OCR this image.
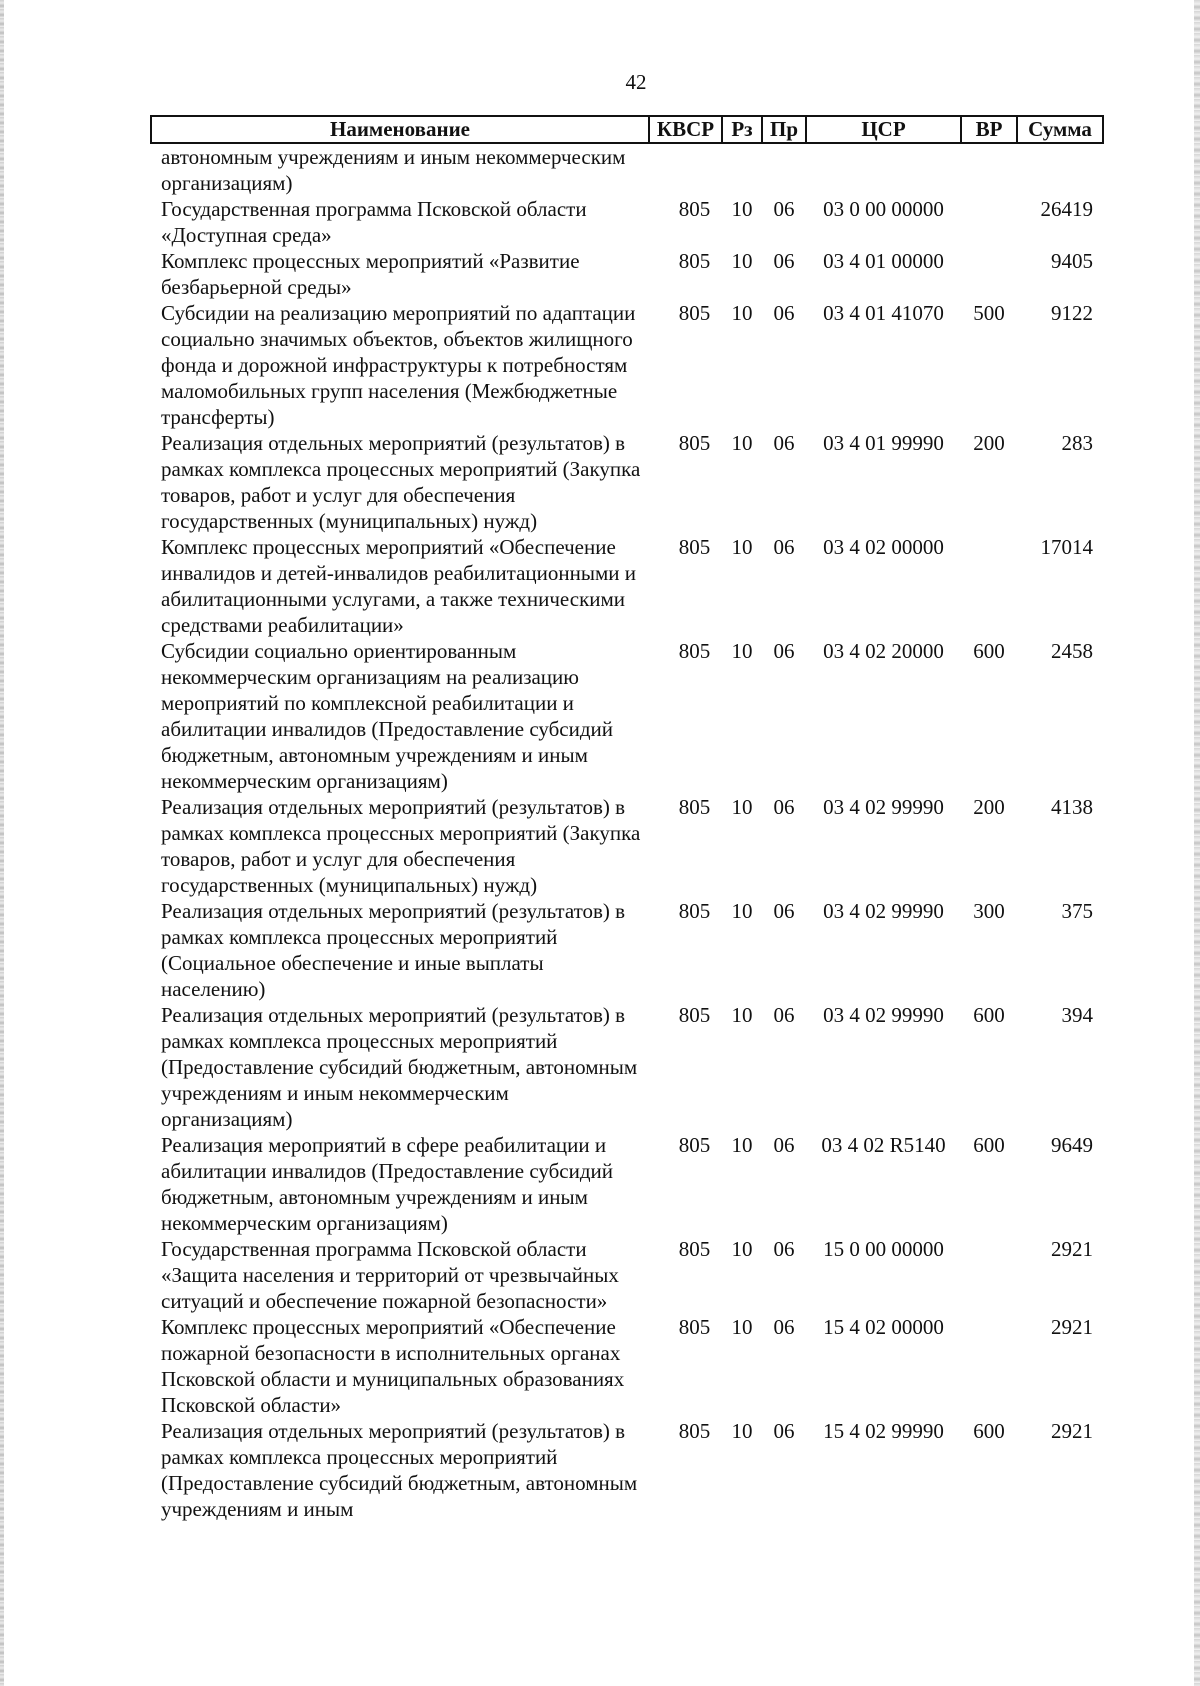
42
Наименование	КВСР	Рз	Пр	ЦСР	ВР	Сумма
автономным учреждениям и иным некоммерческим организациям)						
Государственная программа Псковской области «Доступная среда»	805	10	06	03 0 00 00000		26419
Комплекс процессных мероприятий «Развитие безбарьерной среды»	805	10	06	03 4 01 00000		9405
Субсидии на реализацию мероприятий по адаптации социально значимых объектов, объектов жилищного фонда и дорожной инфраструктуры к потребностям маломобильных групп населения (Межбюджетные трансферты)	805	10	06	03 4 01 41070	500	9122
Реализация отдельных мероприятий (результатов) в рамках комплекса процессных мероприятий (Закупка товаров, работ и услуг для обеспечения государственных (муниципальных) нужд)	805	10	06	03 4 01 99990	200	283
Комплекс процессных мероприятий «Обеспечение инвалидов и детей-инвалидов реабилитационными и абилитационными услугами, а также техническими средствами реабилитации»	805	10	06	03 4 02 00000		17014
Субсидии социально ориентированным некоммерческим организациям на реализацию мероприятий по комплексной реабилитации и абилитации инвалидов (Предоставление субсидий бюджетным, автономным учреждениям и иным некоммерческим организациям)	805	10	06	03 4 02 20000	600	2458
Реализация отдельных мероприятий (результатов) в рамках комплекса процессных мероприятий (Закупка товаров, работ и услуг для обеспечения государственных (муниципальных) нужд)	805	10	06	03 4 02 99990	200	4138
Реализация отдельных мероприятий (результатов) в рамках комплекса процессных мероприятий (Социальное обеспечение и иные выплаты населению)	805	10	06	03 4 02 99990	300	375
Реализация отдельных мероприятий (результатов) в рамках комплекса процессных мероприятий (Предоставление субсидий бюджетным, автономным учреждениям и иным некоммерческим организациям)	805	10	06	03 4 02 99990	600	394
Реализация мероприятий в сфере реабилитации и абилитации инвалидов (Предоставление субсидий бюджетным, автономным учреждениям и иным некоммерческим организациям)	805	10	06	03 4 02 R5140	600	9649
Государственная программа Псковской области «Защита населения и территорий от чрезвычайных ситуаций и обеспечение пожарной безопасности»	805	10	06	15 0 00 00000		2921
Комплекс процессных мероприятий «Обеспечение пожарной безопасности в исполнительных органах Псковской области и муниципальных образованиях Псковской области»	805	10	06	15 4 02 00000		2921
Реализация отдельных мероприятий (результатов) в рамках комплекса процессных мероприятий (Предоставление субсидий бюджетным, автономным учреждениям и иным	805	10	06	15 4 02 99990	600	2921
